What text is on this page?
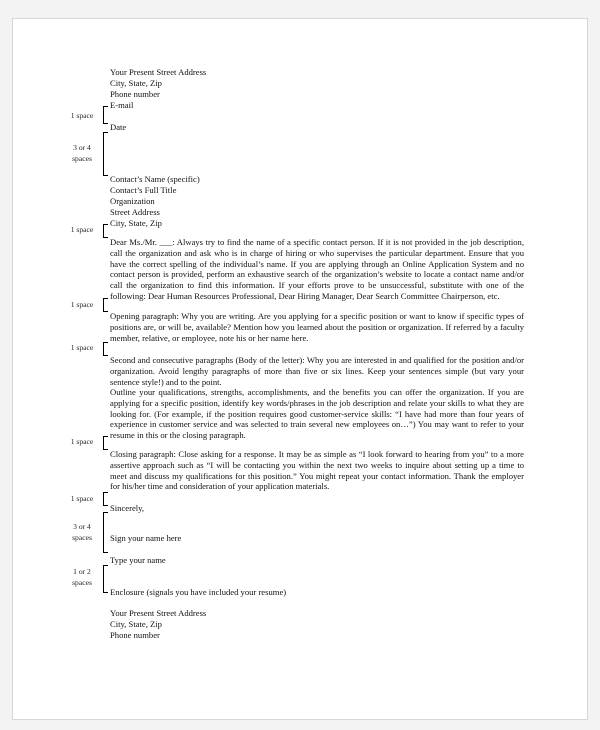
Your Present Street Address
City, State, Zip
Phone number
E-mail
1 space
Date
3 or 4
spaces
Contact’s Name (specific)
Contact’s Full Title
Organization
Street Address
City, State, Zip
1 space
Dear Ms./Mr. ___: Always try to find the name of a specific contact person. If it is not provided in the job description, call the organization and ask who is in charge of hiring or who supervises the particular department. Ensure that you have the correct spelling of the individual’s name. If you are applying through an Online Application System and no contact person is provided, perform an exhaustive search of the organization’s website to locate a contact name and/or call the organization to find this information. If your efforts prove to be unsuccessful, substitute with one of the following: Dear Human Resources Professional, Dear Hiring Manager, Dear Search Committee Chairperson, etc.
1 space
Opening paragraph: Why you are writing. Are you applying for a specific position or want to know if specific types of positions are, or will be, available? Mention how you learned about the position or organization. If referred by a faculty member, relative, or employee, note his or her name here.
1 space
Second and consecutive paragraphs (Body of the letter): Why you are interested in and qualified for the position and/or organization. Avoid lengthy paragraphs of more than five or six lines. Keep your sentences simple (but vary your sentence style!) and to the point.
Outline your qualifications, strengths, accomplishments, and the benefits you can offer the organization. If you are applying for a specific position, identify key words/phrases in the job description and relate your skills to what they are looking for. (For example, if the position requires good customer-service skills: “I have had more than four years of experience in customer service and was selected to train several new employees on…”) You may want to refer to your resume in this or the closing paragraph.
1 space
Closing paragraph: Close asking for a response. It may be as simple as “I look forward to hearing from you” to a more assertive approach such as “I will be contacting you within the next two weeks to inquire about setting up a time to meet and discuss my qualifications for this position.” You might repeat your contact information. Thank the employer for his/her time and consideration of your application materials.
1 space
Sincerely,
3 or 4
spaces	Sign your name here
Type your name
1 or 2
spaces
Enclosure (signals you have included your resume)
Your Present Street Address
City, State, Zip
Phone number
